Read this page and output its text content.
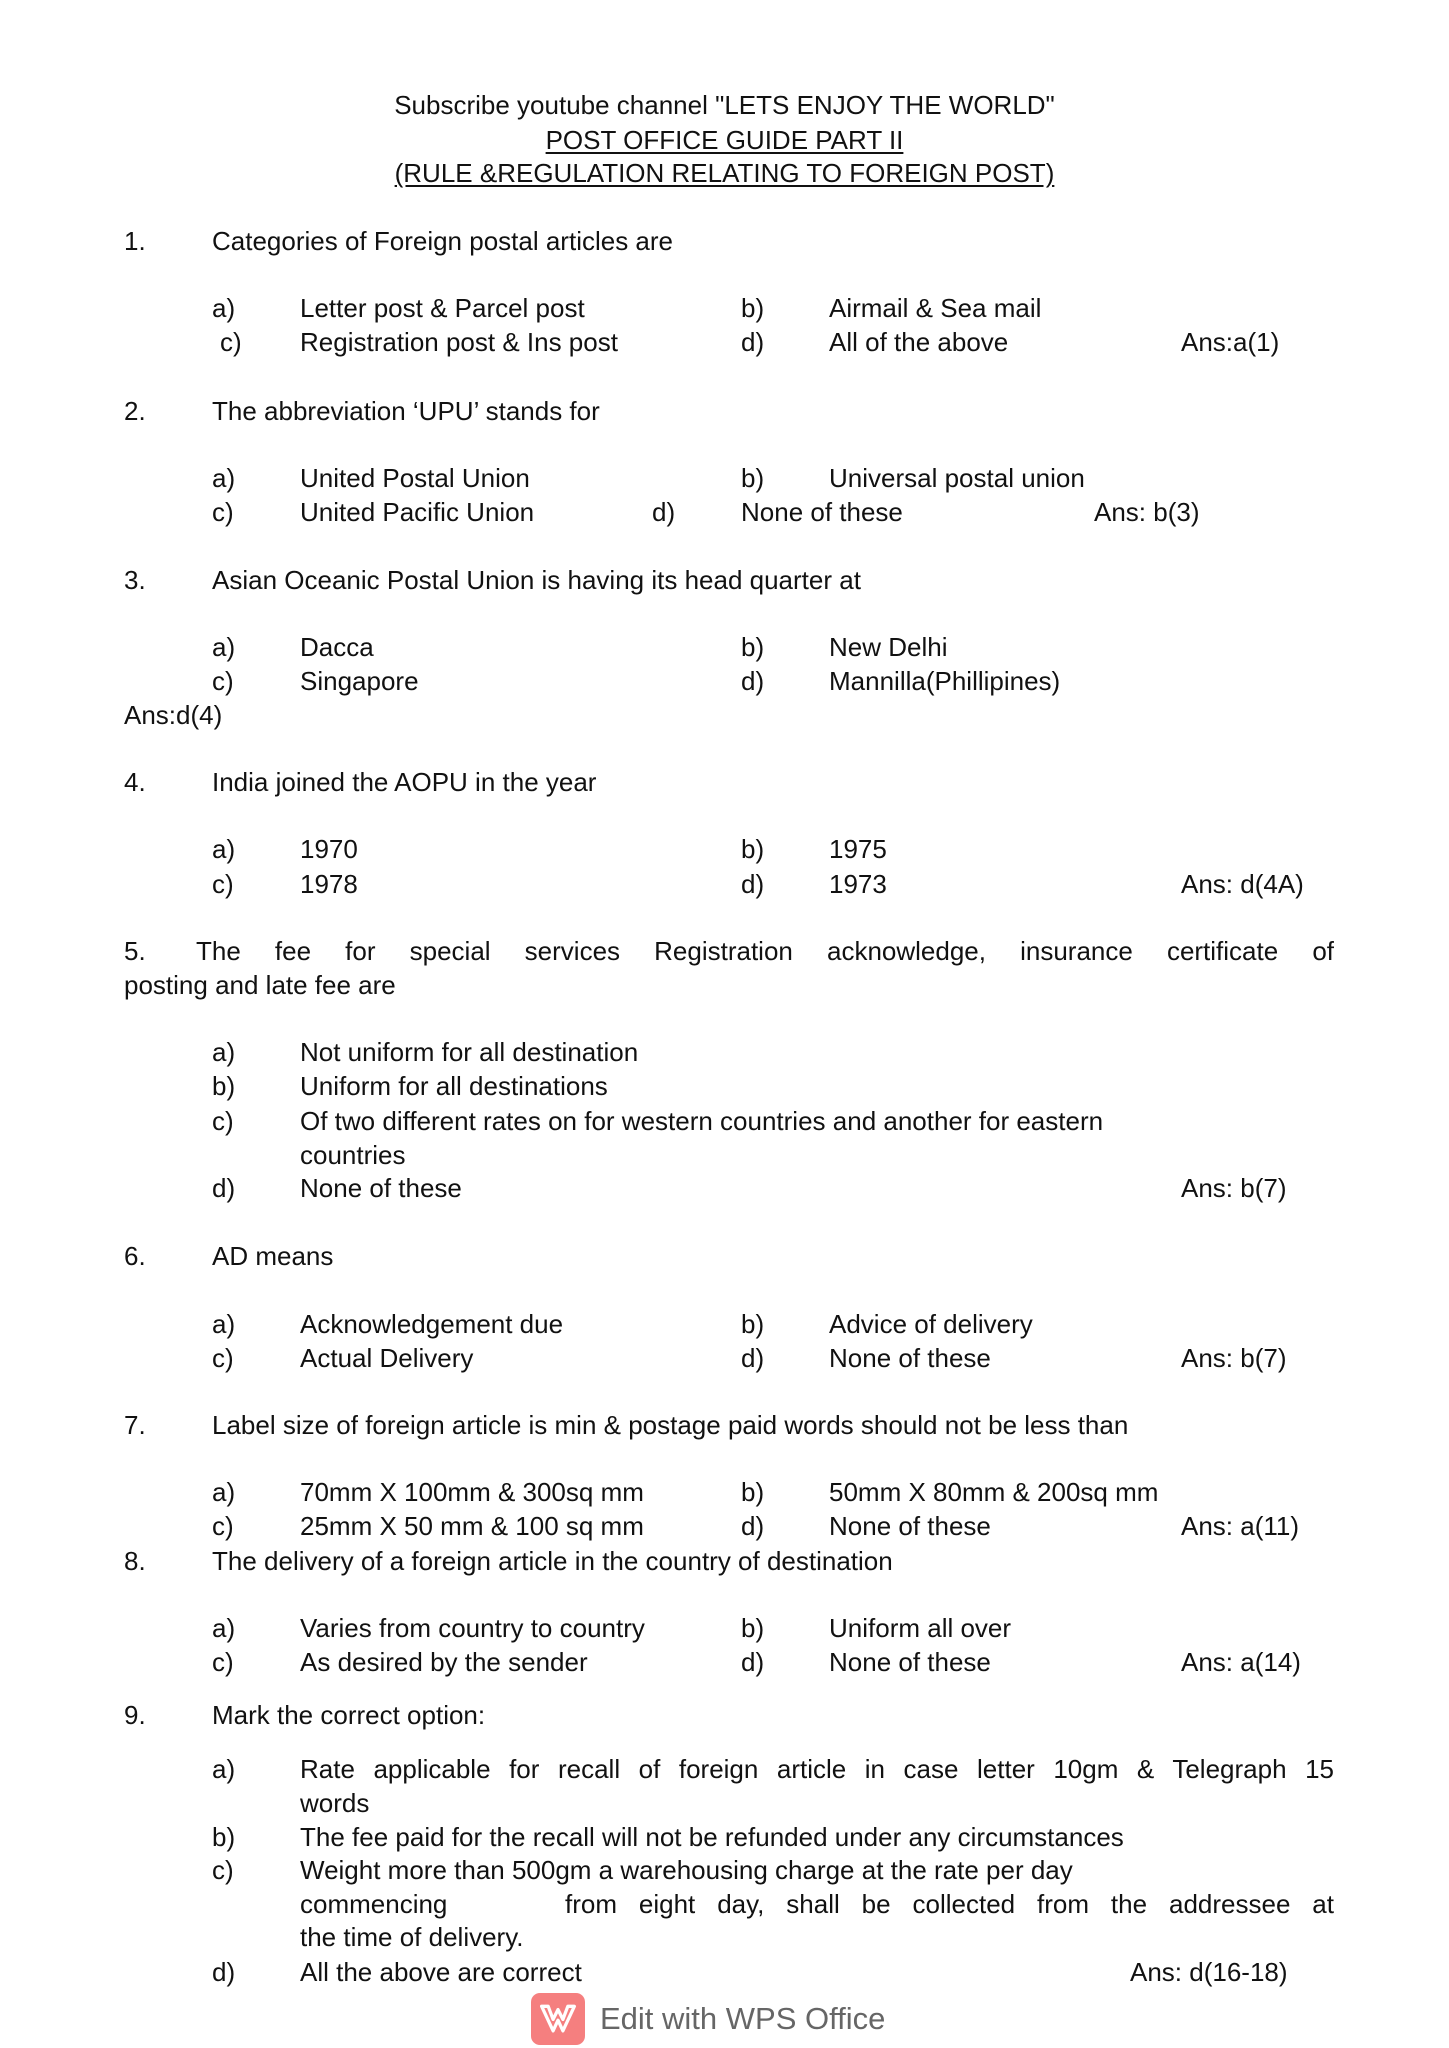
Subscribe youtube channel "LETS ENJOY THE WORLD"
POST OFFICE GUIDE PART II
(RULE &REGULATION RELATING TO FOREIGN POST)
1.	Categories of Foreign postal articles are
a) Letter post & Parcel post	b) Airmail & Sea mail
c) Registration post & Ins post	d) All of the above	Ans:a(1)
2.	The abbreviation ‘UPU’ stands for
a) United Postal Union	b) Universal postal union
c)	United Pacific Union	d)	None of these	Ans: b(3)
3.	Asian Oceanic Postal Union is having its head quarter at
a) Dacca	b) New Delhi
c)	Singapore	d) Mannilla(Phillipines)
Ans:d(4)
4.	India joined the AOPU in the year
a) 1970	b) 1975
c)	1978	d) 1973	Ans: d(4A)
5. The fee for special services Registration acknowledge, insurance certificate of
posting and late fee are
a) Not uniform for all destination
b) Uniform for all destinations
c)	Of two different rates on for western countries and another for eastern
countries
d) None of these	Ans: b(7)
6.	AD means
a) Acknowledgement due	b) Advice of delivery
c)	Actual Delivery	d) None of these	Ans: b(7)
7.	Label size of foreign article is min & postage paid words should not be less than
a) 70mm X 100mm & 300sq mm	b) 50mm X 80mm & 200sq mm
c)	25mm X 50 mm & 100 sq mm	d) None of these	Ans: a(11)
8.	The delivery of a foreign article in the country of destination
a) Varies from country to country	b) Uniform all over
c)	As desired by the sender	d) None of these	Ans: a(14)
9.	Mark the correct option:
a) Rate applicable for recall of foreign article in case letter 10gm & Telegraph 15
words
b) The fee paid for the recall will not be refunded under any circumstances
c)	Weight more than 500gm a warehousing charge at the rate per day
commencing	from eight day, shall be collected from the addressee at
the time of delivery.
d) All the above are correct	Ans: d(16-18)
Edit with WPS Office
